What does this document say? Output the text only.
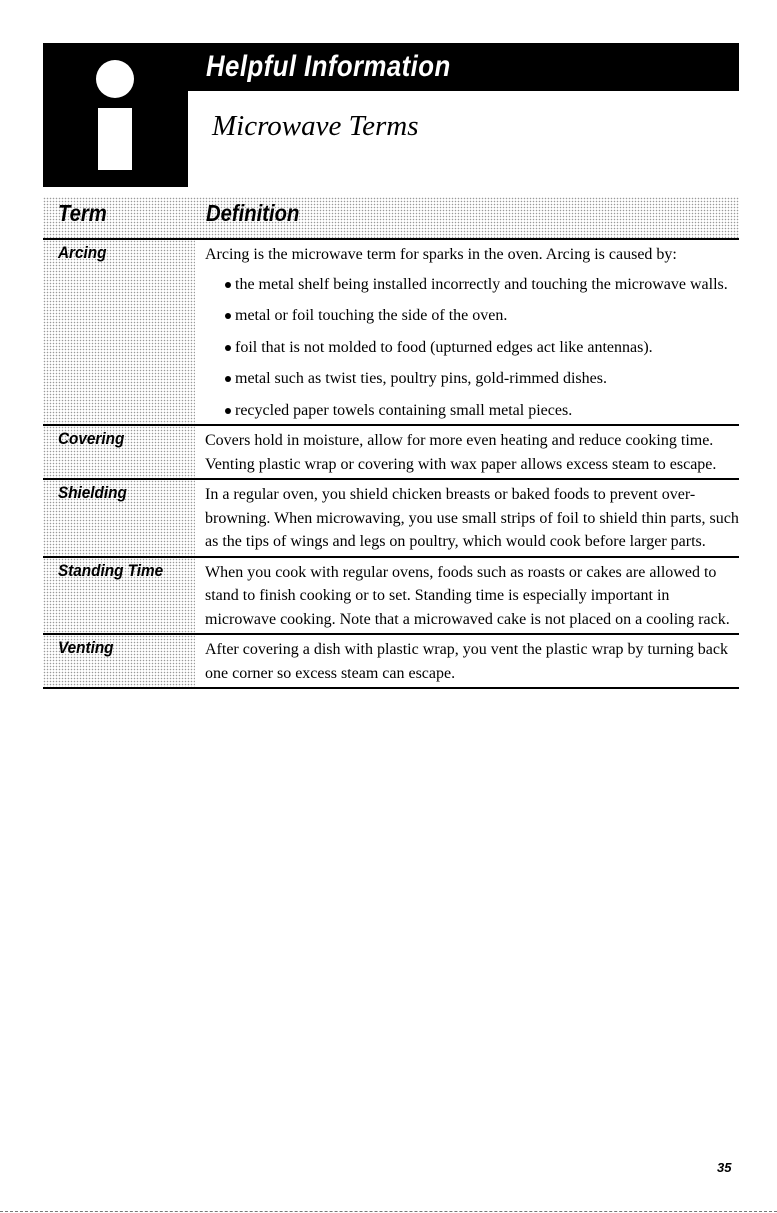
Helpful Information
Microwave Terms
Term	Definition
Arcing	Arcing is the microwave term for sparks in the oven. Arcing is caused by:

the metal shelf being installed incorrectly and touching the microwave walls.
metal or foil touching the side of the oven.
foil that is not molded to food (upturned edges act like antennas).
metal such as twist ties, poultry pins, gold-rimmed dishes.
recycled paper towels containing small metal pieces.
Covering	Covers hold in moisture, allow for more even heating and reduce cooking time. Venting plastic wrap or covering with wax paper allows excess steam to escape.

Shielding	In a regular oven, you shield chicken breasts or baked foods to prevent over-browning. When microwaving, you use small strips of foil to shield thin parts, such as the tips of wings and legs on poultry, which would cook before larger parts.

Standing Time	When you cook with regular ovens, foods such as roasts or cakes are allowed to stand to finish cooking or to set. Standing time is especially important in microwave cooking. Note that a microwaved cake is not placed on a cooling rack.

Venting	After covering a dish with plastic wrap, you vent the plastic wrap by turning back one corner so excess steam can escape.

35
